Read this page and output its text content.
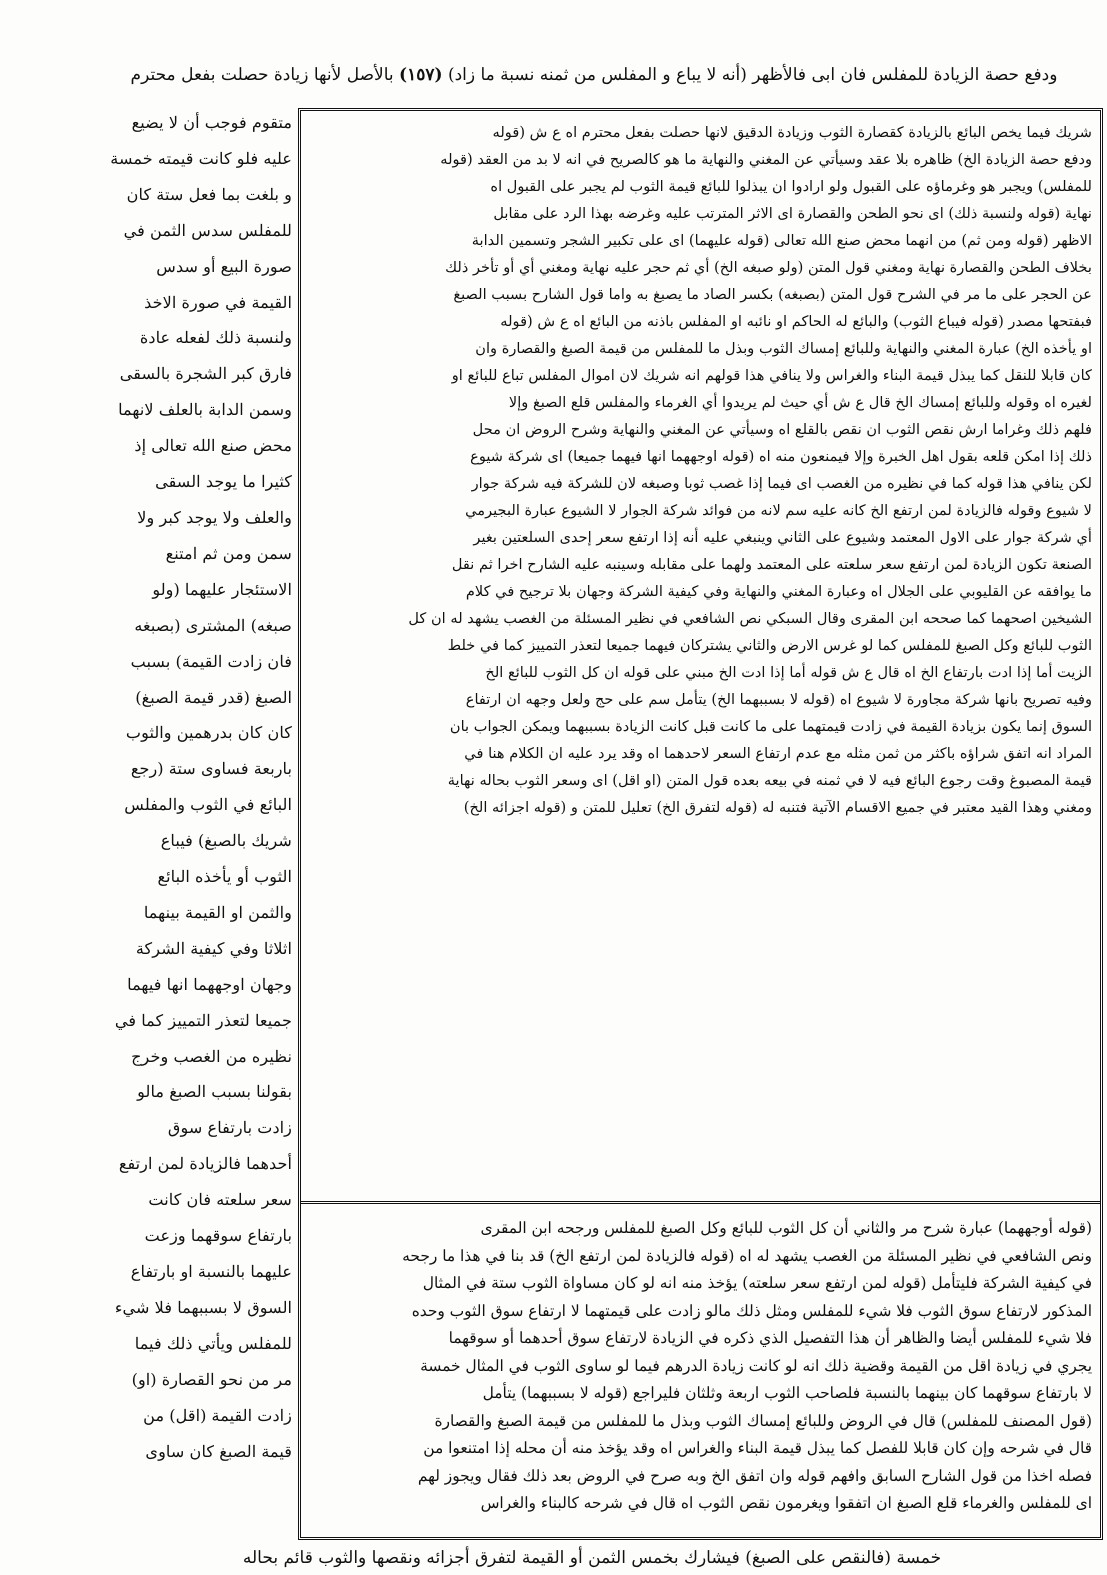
ودفع حصة الزيادة للمفلس فان ابى فالأظهر (أنه لا يباع و المفلس من ثمنه نسبة ما زاد) (١٥٧) بالأصل لأنها زيادة حصلت بفعل محترم
متقوم فوجب أن لا يضيع
عليه فلو كانت قيمته خمسة
و بلغت بما فعل ستة كان
للمفلس سدس الثمن في
صورة البيع أو سدس
القيمة في صورة الاخذ
ولنسبة ذلك لفعله عادة
فارق كبر الشجرة بالسقى
وسمن الدابة بالعلف لانهما
محض صنع الله تعالى إذ
كثيرا ما يوجد السقى
والعلف ولا يوجد كبر ولا
سمن ومن ثم امتنع
الاستئجار عليهما (ولو
صبغه) المشترى (بصبغه
فان زادت القيمة) بسبب
الصبغ (قدر قيمة الصبغ)
كان كان بدرهمين والثوب
باربعة فساوى ستة (رجع
البائع في الثوب والمفلس
شريك بالصبغ) فيباع
الثوب أو يأخذه البائع
والثمن او القيمة بينهما
اثلاثا وفي كيفية الشركة
وجهان اوجههما انها فيهما
جميعا لتعذر التمييز كما في
نظيره من الغصب وخرج
بقولنا بسبب الصبغ مالو
زادت بارتفاع سوق
أحدهما فالزيادة لمن ارتفع
سعر سلعته فان كانت
بارتفاع سوقهما وزعت
عليهما بالنسبة او بارتفاع
السوق لا بسببهما فلا شيء
للمفلس ويأتي ذلك فيما
مر من نحو القصارة (او)
زادت القيمة (اقل) من
قيمة الصبغ كان ساوى
شريك فيما يخص البائع بالزيادة كقصارة الثوب وزيادة الدقيق لانها حصلت بفعل محترم اه ع ش (قوله
ودفع حصة الزيادة الخ) ظاهره بلا عقد وسيأتي عن المغني والنهاية ما هو كالصريح في انه لا بد من العقد (قوله
للمفلس) ويجبر هو وغرماؤه على القبول ولو ارادوا ان يبذلوا للبائع قيمة الثوب لم يجبر على القبول اه
نهاية (قوله ولنسبة ذلك) اى نحو الطحن والقصارة اى الاثر المترتب عليه وغرضه بهذا الرد على مقابل
الاظهر (قوله ومن ثم) من انهما محض صنع الله تعالى (قوله عليهما) اى على تكبير الشجر وتسمين الدابة
بخلاف الطحن والقصارة نهاية ومغني قول المتن (ولو صبغه الخ) أي ثم حجر عليه نهاية ومغني أي أو تأخر ذلك
عن الحجر على ما مر في الشرح قول المتن (بصبغه) بكسر الصاد ما يصبغ به واما قول الشارح بسبب الصبغ
فبفتحها مصدر (قوله فيباع الثوب) والبائع له الحاكم او نائبه او المفلس باذنه من البائع اه ع ش (قوله
او يأخذه الخ) عبارة المغني والنهاية وللبائع إمساك الثوب وبذل ما للمفلس من قيمة الصبغ والقصارة وان
كان قابلا للنقل كما يبذل قيمة البناء والغراس ولا ينافي هذا قولهم انه شريك لان اموال المفلس تباع للبائع او
لغيره اه وقوله وللبائع إمساك الخ قال ع ش أي حيث لم يريدوا أي الغرماء والمفلس قلع الصبغ وإلا
فلهم ذلك وغراما ارش نقص الثوب ان نقص بالقلع اه وسيأتي عن المغني والنهاية وشرح الروض ان محل
ذلك إذا امكن قلعه بقول اهل الخبرة وإلا فيمنعون منه اه (قوله اوجههما انها فيهما جميعا) اى شركة شيوع
لكن ينافي هذا قوله كما في نظيره من الغصب اى فيما إذا غصب ثوبا وصبغه لان للشركة فيه شركة جوار
لا شيوع وقوله فالزيادة لمن ارتفع الخ كانه عليه سم لانه من فوائد شركة الجوار لا الشيوع عبارة البجيرمي
أي شركة جوار على الاول المعتمد وشيوع على الثاني وينبغي عليه أنه إذا ارتفع سعر إحدى السلعتين بغير
الصنعة تكون الزيادة لمن ارتفع سعر سلعته على المعتمد ولهما على مقابله وسينبه عليه الشارح اخرا ثم نقل
ما يوافقه عن القليوبي على الجلال اه وعبارة المغني والنهاية وفي كيفية الشركة وجهان بلا ترجيح في كلام
الشيخين اصحهما كما صححه ابن المقرى وقال السبكي نص الشافعي في نظير المسئلة من الغصب يشهد له ان كل
الثوب للبائع وكل الصبغ للمفلس كما لو غرس الارض والثاني يشتركان فيهما جميعا لتعذر التمييز كما في خلط
الزيت أما إذا ادت بارتفاع الخ اه قال ع ش قوله أما إذا ادت الخ مبني على قوله ان كل الثوب للبائع الخ
وفيه تصريح بانها شركة مجاورة لا شيوع اه (قوله لا بسببهما الخ) يتأمل سم على حج ولعل وجهه ان ارتفاع
السوق إنما يكون بزيادة القيمة في زادت قيمتهما على ما كانت قبل كانت الزيادة بسببهما ويمكن الجواب بان
المراد انه اتفق شراؤه باكثر من ثمن مثله مع عدم ارتفاع السعر لاحدهما اه وقد يرد عليه ان الكلام هنا في
قيمة المصبوغ وقت رجوع البائع فيه لا في ثمنه في بيعه بعده قول المتن (او اقل) اى وسعر الثوب بحاله نهاية
ومغني وهذا القيد معتبر في جميع الاقسام الآتية فتنبه له (قوله لتفرق الخ) تعليل للمتن و (قوله اجزائه الخ)
(قوله أوجههما) عبارة شرح مر والثاني أن كل الثوب للبائع وكل الصبغ للمفلس ورجحه ابن المقرى
ونص الشافعي في نظير المسئلة من الغصب يشهد له اه (قوله فالزيادة لمن ارتفع الخ) قد بنا في هذا ما رجحه
في كيفية الشركة فليتأمل (قوله لمن ارتفع سعر سلعته) يؤخذ منه انه لو كان مساواة الثوب ستة في المثال
المذكور لارتفاع سوق الثوب فلا شيء للمفلس ومثل ذلك مالو زادت على قيمتهما لا ارتفاع سوق الثوب وحده
فلا شيء للمفلس أيضا والظاهر أن هذا التفصيل الذي ذكره في الزيادة لارتفاع سوق أحدهما أو سوقهما
يجري في زيادة اقل من القيمة وقضية ذلك انه لو كانت زيادة الدرهم فيما لو ساوى الثوب في المثال خمسة
لا بارتفاع سوقهما كان بينهما بالنسبة فلصاحب الثوب اربعة وثلثان فليراجع (قوله لا بسببهما) يتأمل
(قول المصنف للمفلس) قال في الروض وللبائع إمساك الثوب وبذل ما للمفلس من قيمة الصبغ والقصارة
قال في شرحه وإن كان قابلا للفصل كما يبذل قيمة البناء والغراس اه وقد يؤخذ منه أن محله إذا امتنعوا من
فصله اخذا من قول الشارح السابق وافهم قوله وان اتفق الخ وبه صرح في الروض بعد ذلك فقال ويجوز لهم
اى للمفلس والغرماء قلع الصبغ ان اتفقوا ويغرمون نقص الثوب اه قال في شرحه كالبناء والغراس
خمسة (فالنقص على الصبغ) فيشارك بخمس الثمن أو القيمة لتفرق أجزائه ونقصها والثوب قائم بحاله
